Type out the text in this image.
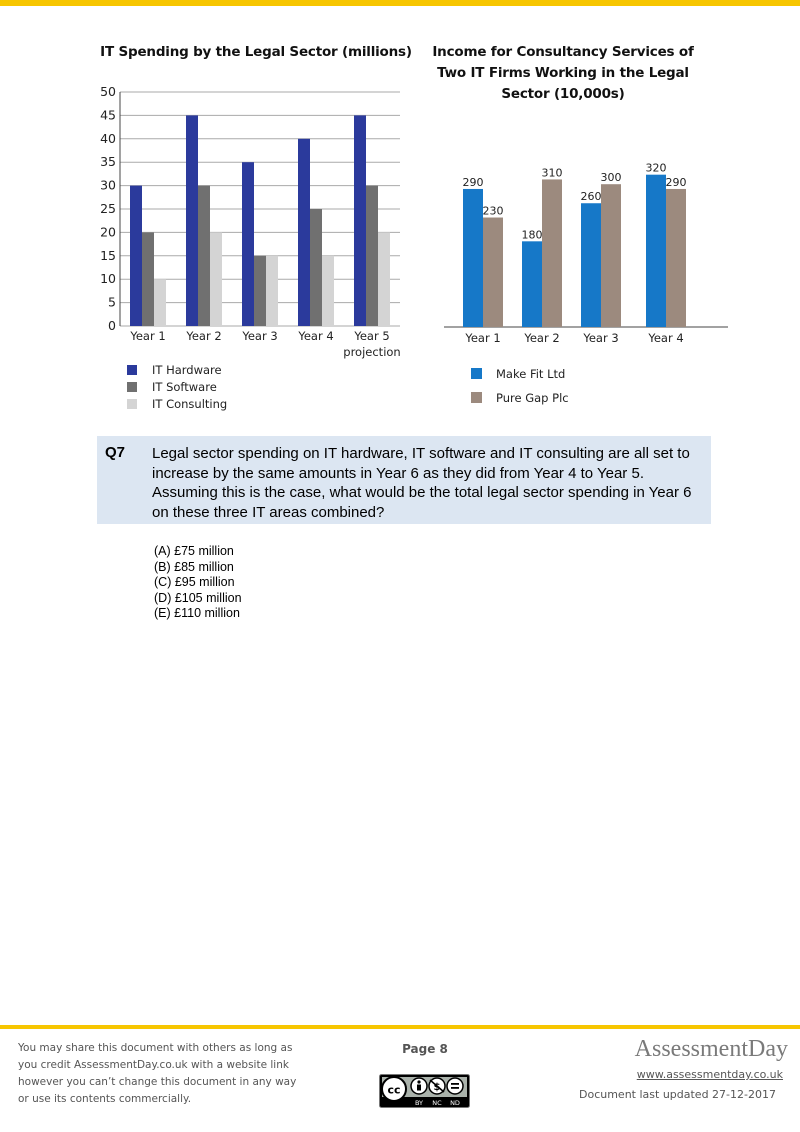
IT Spending by the Legal Sector (millions)
0
5
10
15
20
25
30
35
40
45
50
Year 1 Year 2 Year 3 Year 4 Year 5
projection
IT Hardware
IT Software
IT Consulting
Income for Consultancy Services of Two IT Firms Working in the Legal Sector (10,000s)
290
230
Year 1
180
310
Year 2
260
300
Year 3
320
290
Year 4
Make Fit Ltd
Pure Gap Plc
Q7 Legal sector spending on IT hardware, IT software and IT consulting are all set to increase by the same amounts in Year 6 as they did from Year 4 to Year 5. Assuming this is the case, what would be the total legal sector spending in Year 6 on these three IT areas combined?
(A) £75 million
(B) £85 million
(C) £95 million
(D) £105 million
(E) £110 million
You may share this document with others as long as you credit AssessmentDay.co.uk with a website link however you can’t change this document in any way or use its contents commercially.
Page 8
cc	$
BY NC ND
AssessmentDay
www.assessmentday.co.uk
Document last updated 27-12-2017
